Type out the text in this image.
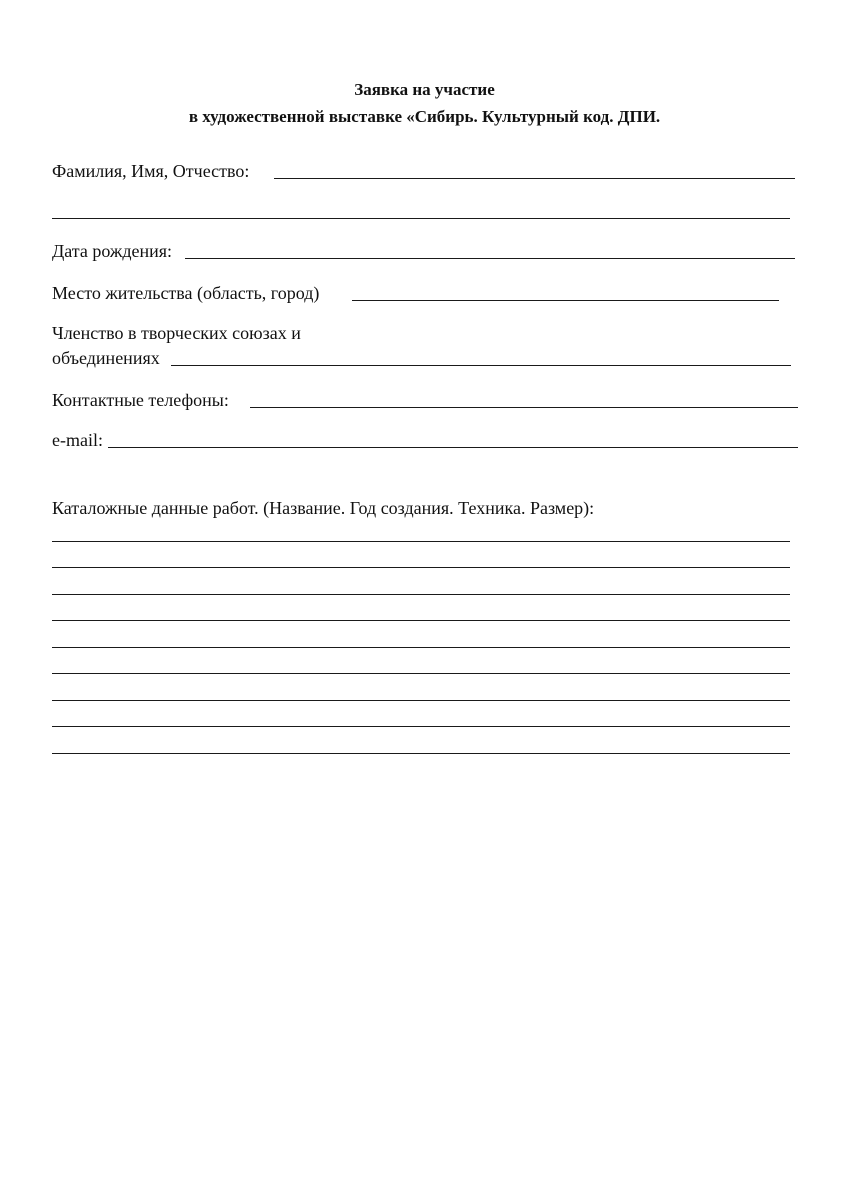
Заявка на участие
в художественной выставке «Сибирь. Культурный код. ДПИ.
Фамилия, Имя, Отчество:
Дата рождения:
Место жительства (область, город)
Членство в творческих союзах и
объединениях
Контактные телефоны:
e-mail:
Каталожные данные работ. (Название. Год создания. Техника. Размер):
